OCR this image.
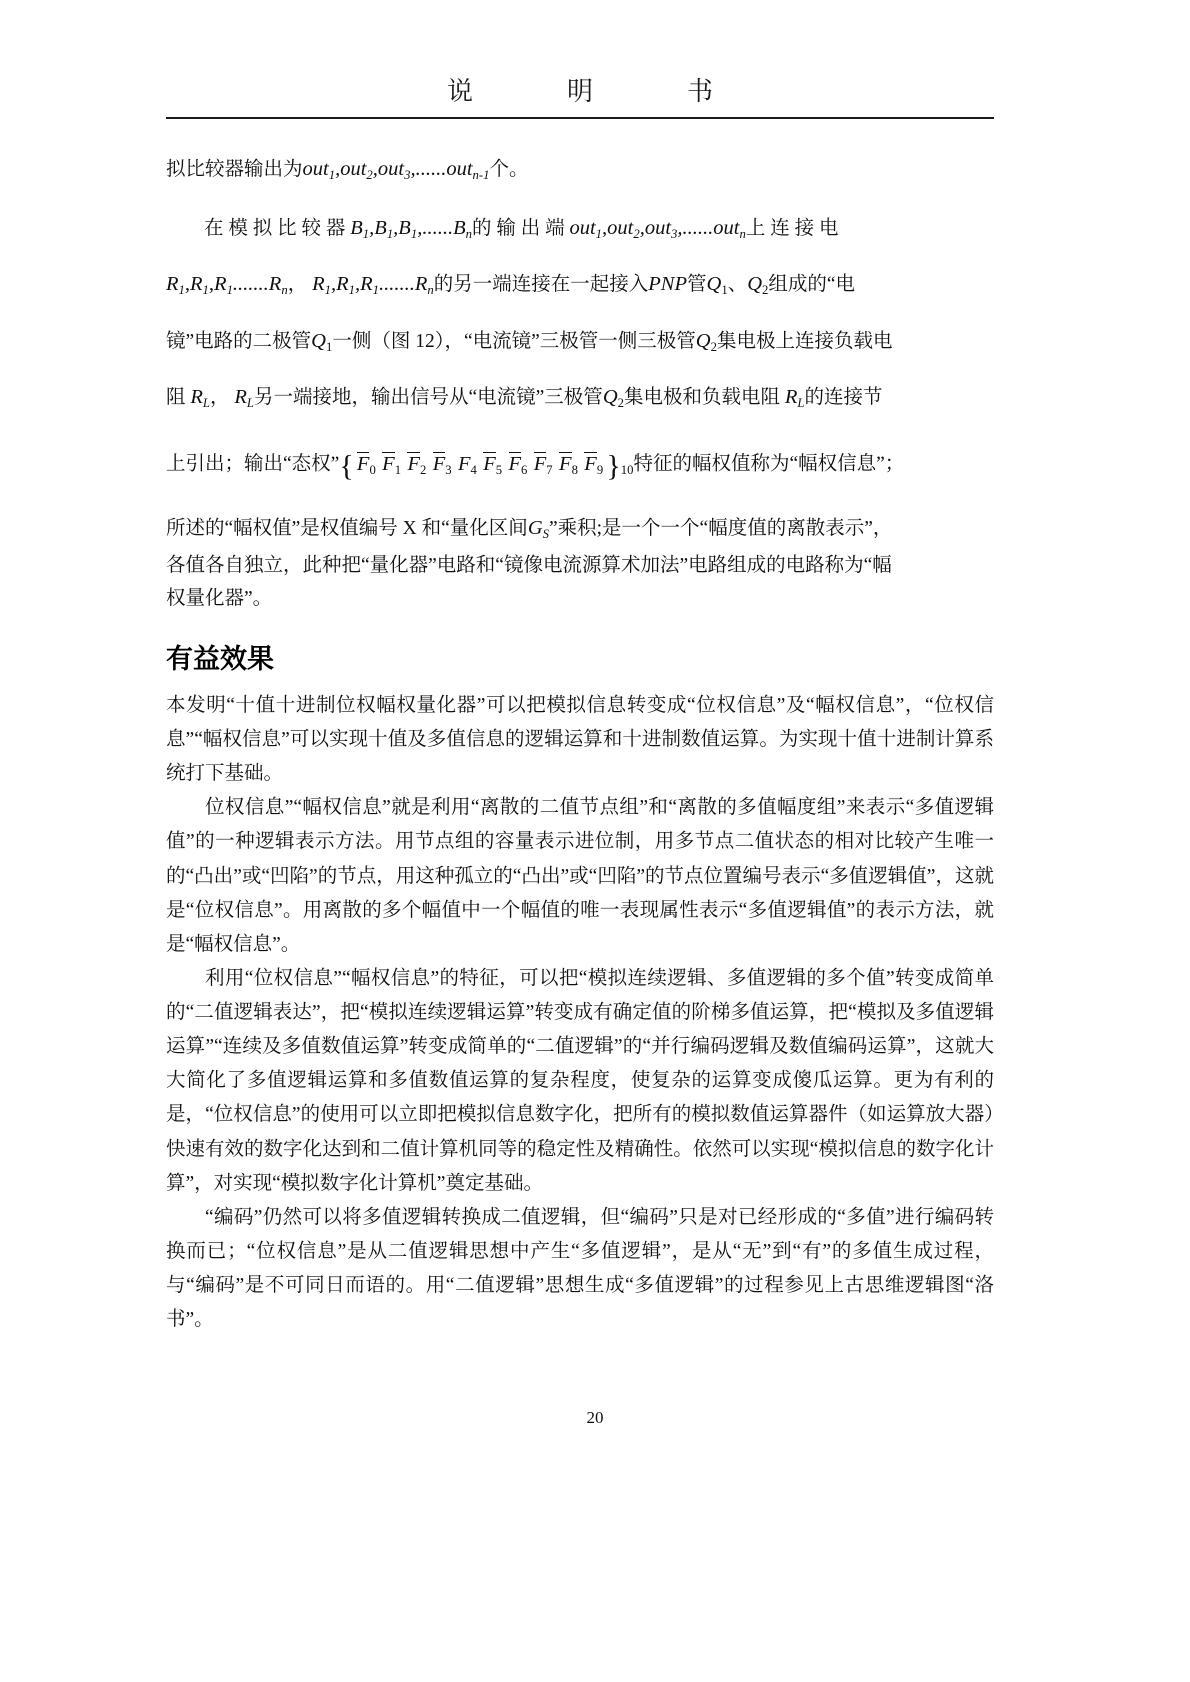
说　明　书

拟比较器输出为out$_1$,out$_2$,out$_3$,......out$_{n-1}$个。

在 模 拟 比 较 器 $B_1,B_1,B_1,......B_n$的 输 出 端 out$_1$,out$_2$,out$_3$,......out$_n$上 连 接 电

$R_1,R_1,R_1.......R_n$， $R_1,R_1,R_1.......R_n$的另一端连接在一起接入PNP管$Q_1$、$Q_2$组成的“电

镜”电路的二极管$Q_1$一侧（图 12），“电流镜”三极管一侧三极管$Q_2$集电极上连接负载电

阻 $R_L$， $R_L$另一端接地，输出信号从“电流镜”三极管$Q_2$集电极和负载电阻 $R_L$的连接节

上引出；输出“态权”{ $F_0$ $F_1$ $F_2$ $F_3$ $F_4$ $F_5$ $F_6$ $F_7$ $F_8$ $F_9$ }$_{10}$特征的幅权值称为“幅权信息”；

所述的“幅权值”是权值编号 X 和“量化区间$G_S$”乘积;是一个一个“幅度值的离散表示”，

各值各自独立，此种把“量化器”电路和“镜像电流源算术加法”电路组成的电路称为“幅

权量化器”。

有益效果

本发明“十值十进制位权幅权量化器”可以把模拟信息转变成“位权信息”及“幅权信息”，“位权信息”“幅权信息”可以实现十值及多值信息的逻辑运算和十进制数值运算。为实现十值十进制计算系统打下基础。

位权信息”“幅权信息”就是利用“离散的二值节点组”和“离散的多值幅度组”来表示“多值逻辑值”的一种逻辑表示方法。用节点组的容量表示进位制，用多节点二值状态的相对比较产生唯一的“凸出”或“凹陷”的节点，用这种孤立的“凸出”或“凹陷”的节点位置编号表示“多值逻辑值”，这就是“位权信息”。用离散的多个幅值中一个幅值的唯一表现属性表示“多值逻辑值”的表示方法，就是“幅权信息”。

利用“位权信息”“幅权信息”的特征，可以把“模拟连续逻辑、多值逻辑的多个值”转变成简单的“二值逻辑表达”，把“模拟连续逻辑运算”转变成有确定值的阶梯多值运算，把“模拟及多值逻辑运算”“连续及多值数值运算”转变成简单的“二值逻辑”的“并行编码逻辑及数值编码运算”，这就大大简化了多值逻辑运算和多值数值运算的复杂程度，使复杂的运算变成傻瓜运算。更为有利的是，“位权信息”的使用可以立即把模拟信息数字化，把所有的模拟数值运算器件（如运算放大器）快速有效的数字化达到和二值计算机同等的稳定性及精确性。依然可以实现“模拟信息的数字化计算”，对实现“模拟数字化计算机”奠定基础。

“编码”仍然可以将多值逻辑转换成二值逻辑，但“编码”只是对已经形成的“多值”进行编码转换而已；“位权信息”是从二值逻辑思想中产生“多值逻辑”，是从“无”到“有”的多值生成过程，与“编码”是不可同日而语的。用“二值逻辑”思想生成“多值逻辑”的过程参见上古思维逻辑图“洛书”。

20
